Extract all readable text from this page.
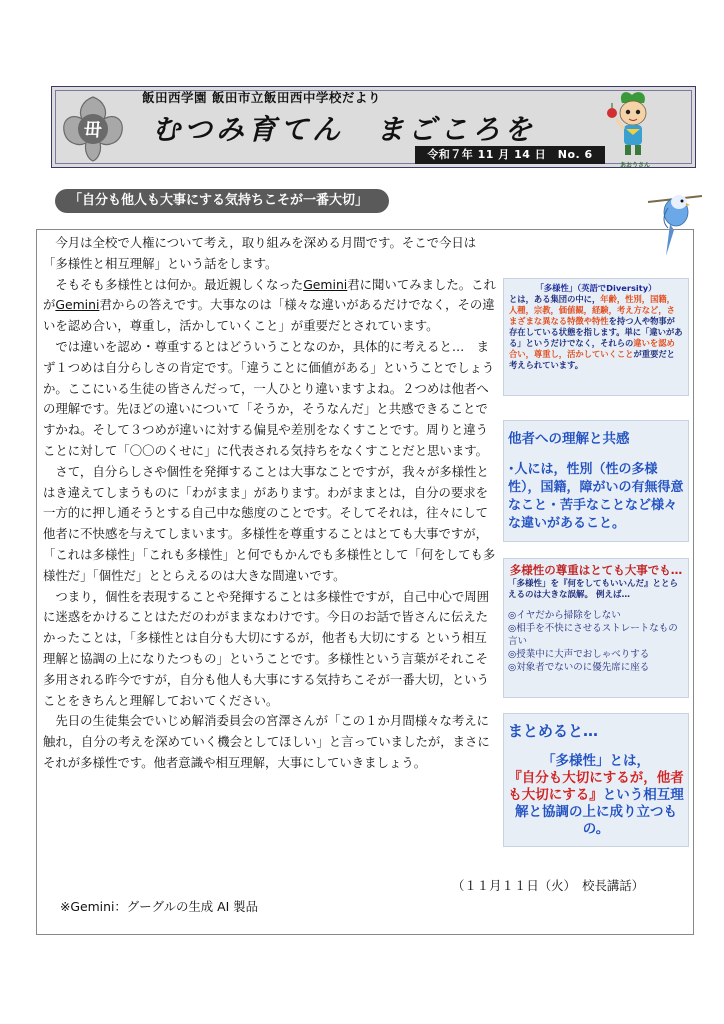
毌
飯田西学園 飯田市立飯田西中学校だより
むつみ育てん　まごころを
令和７年 11 月 14 日　No. 6
あおうさん
「自分も他人も大事にする気持ちこそが一番大切」

　今月は全校で人権について考え，取り組みを深める月間です。そこで今日は「多様性と相互理解」という話をします。

　そもそも多様性とは何か。最近親しくなったGemini君に聞いてみました。これがGemini君からの答えです。大事なのは「様々な違いがあるだけでなく，その違いを認め合い，尊重し，活かしていくこと」が重要だとされています。

　では違いを認め・尊重するとはどういうことなのか，具体的に考えると…　まず１つめは自分らしさの肯定です。「違うことに価値がある」ということでしょうか。ここにいる生徒の皆さんだって，一人ひとり違いますよね。２つめは他者への理解です。先ほどの違いについて「そうか，そうなんだ」と共感できることですかね。そして３つめが違いに対する偏見や差別をなくすことです。周りと違うことに対して「〇〇のくせに」に代表される気持ちをなくすことだと思います。

　さて，自分らしさや個性を発揮することは大事なことですが，我々が多様性とはき違えてしまうものに「わがまま」があります。わがままとは，自分の要求を一方的に押し通そうとする自己中な態度のことです。そしてそれは，往々にして他者に不快感を与えてしまいます。多様性を尊重することはとても大事ですが，「これは多様性」「これも多様性」と何でもかんでも多様性として「何をしても多様性だ」「個性だ」ととらえるのは大きな間違いです。

　つまり，個性を表現することや発揮することは多様性ですが，自己中心で周囲に迷惑をかけることはただのわがままなわけです。今日のお話で皆さんに伝えたかったことは，「多様性とは自分も大切にするが，他者も大切にする という相互理解と協調の上になりたつもの」ということです。多様性という言葉がそれこそ多用される昨今ですが，自分も他人も大事にする気持ちこそが一番大切，ということをきちんと理解しておいてください。

　先日の生徒集会でいじめ解消委員会の宮澤さんが「この１か月間様々な考えに触れ，自分の考えを深めていく機会としてほしい」と言っていましたが，まさにそれが多様性です。他者意識や相互理解，大事にしていきましょう。

（１１月１１日（火）　校長講話）
※Gemini：グーグルの生成 AI 製品
「多様性」（英語でDiversity）
とは，ある集団の中に，年齢，性別，国籍，人種，宗教，価値観，経験，考え方など，さまざまな異なる特徴や特性を持つ人や物事が存在している状態を指します。単に「違いがある」というだけでなく，それらの違いを認め合い，尊重し，活かしていくことが重要だと考えられています。
他者への理解と共感
･人には，性別（性の多様性），国籍，障がいの有無得意なこと・苦手なことなど様々な違いがあること。
多様性の尊重はとても大事でも…
「多様性」を『何をしてもいいんだ』ととらえるのは大きな誤解。 例えば…
◎イヤだから掃除をしない
◎相手を不快にさせるストレートなもの言い
◎授業中に大声でおしゃべりする
◎対象者でないのに優先席に座る
まとめると…
「多様性」とは，
『自分も大切にするが，他者も大切にする』という相互理解と協調の上に成り立つもの。
